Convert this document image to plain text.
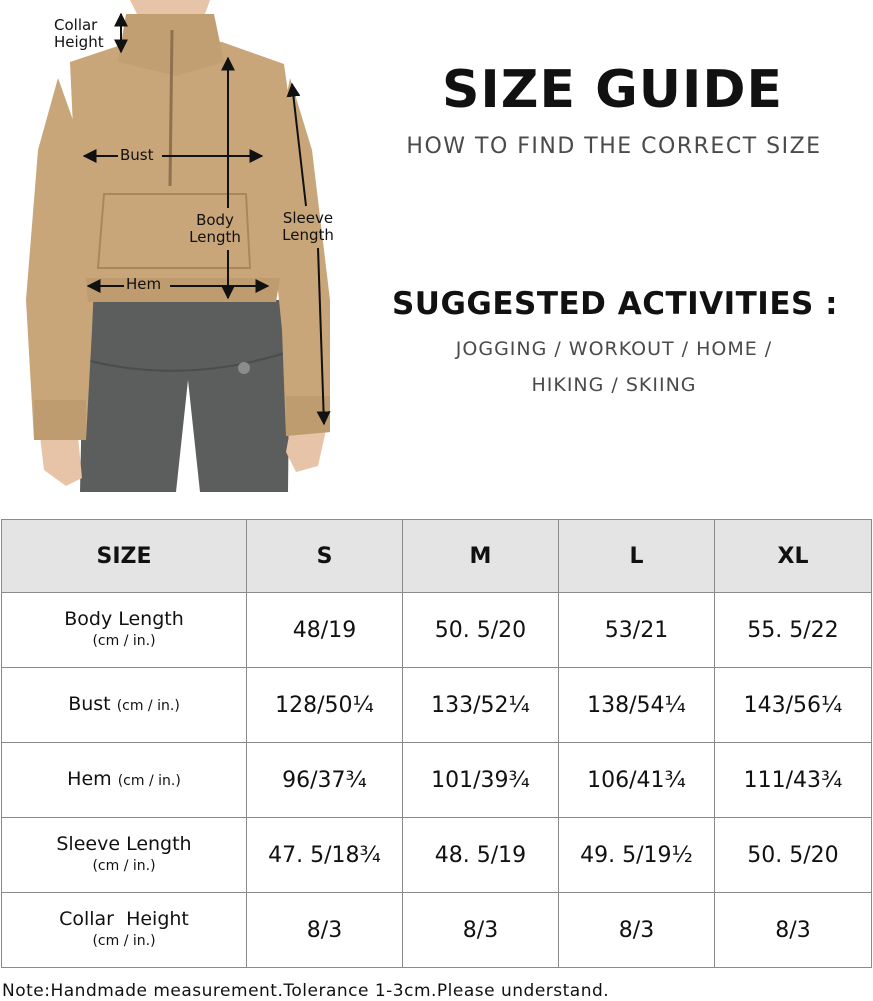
Collar
Height
Bust
Body
Length
Sleeve
Length
Hem
SIZE GUIDE
HOW TO FIND THE CORRECT SIZE
SUGGESTED ACTIVITIES :
JOGGING / WORKOUT / HOME /
HIKING / SKIING
SIZE	S	M	L	XL

Body Length
(cm / in.)	48/19	50. 5/20	53/21	55. 5/22
Bust (cm / in.)	128/50¼	133/52¼	138/54¼	143/56¼
Hem (cm / in.)	96/37¾	101/39¾	106/41¾	111/43¾

Sleeve Length
(cm / in.)	47. 5/18¾	48. 5/19	49. 5/19½	50. 5/20

Collar  Height
(cm / in.)	8/3	8/3	8/3	8/3
Note:Handmade measurement.Tolerance 1-3cm.Please understand.
